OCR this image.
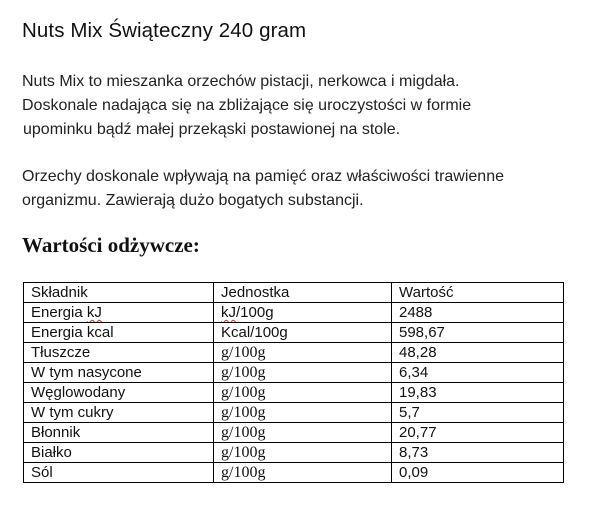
Nuts Mix Świąteczny 240 gram
Nuts Mix to mieszanka orzechów pistacji, nerkowca i migdała.
Doskonale nadająca się na zbliżające się uroczystości w formie
upominku bądź małej przekąski postawionej na stole.
Orzechy doskonale wpływają na pamięć oraz właściwości trawienne
organizmu. Zawierają dużo bogatych substancji.
Wartości odżywcze:
Składnik	Jednostka	Wartość
Energia kJ	kJ/100g	2488
Energia kcal	Kcal/100g	598,67
Tłuszcze	g/100g	48,28
W tym nasycone	g/100g	6,34
Węglowodany	g/100g	19,83
W tym cukry	g/100g	5,7
Błonnik	g/100g	20,77
Białko	g/100g	8,73
Sól	g/100g	0,09
